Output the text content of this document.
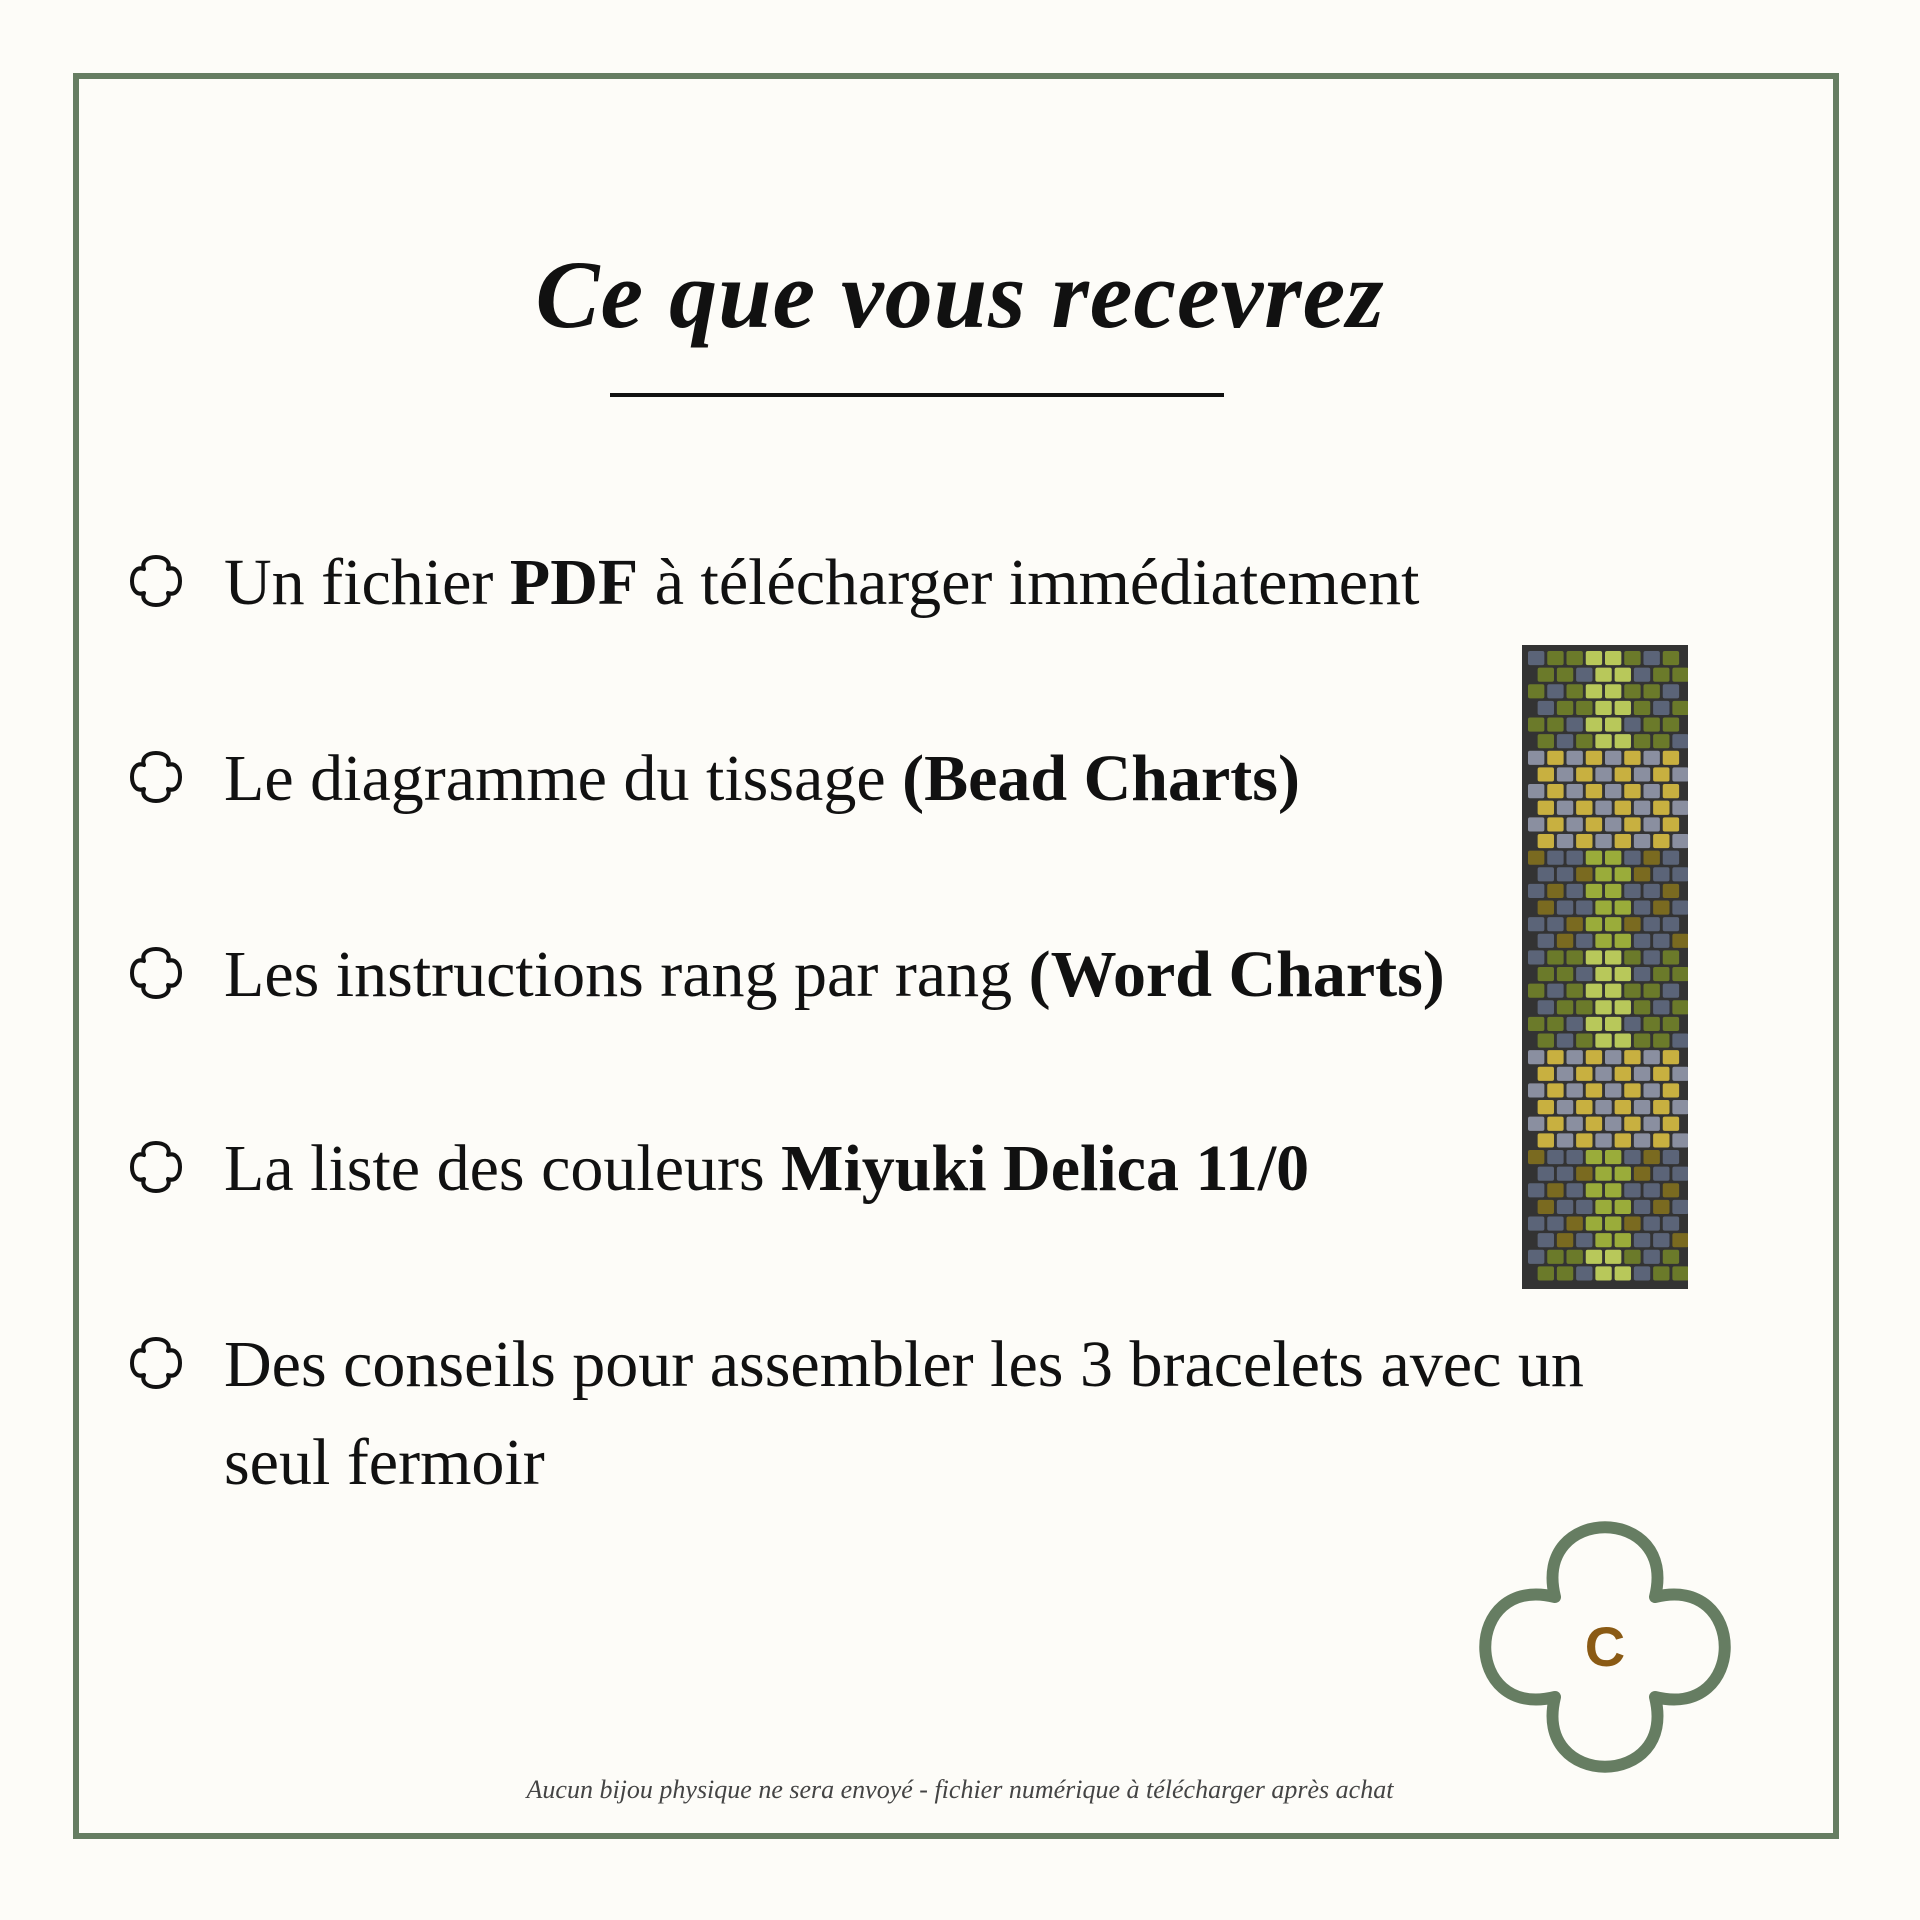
Ce que vous recevrez
Un fichier PDF à télécharger immédiatement
Le diagramme du tissage (Bead Charts)
Les instructions rang par rang (Word Charts)
La liste des couleurs Miyuki Delica 11/0
Des conseils pour assembler les 3 bracelets avec un seul fermoir
C
Aucun bijou physique ne sera envoyé - fichier numérique à télécharger après achat
